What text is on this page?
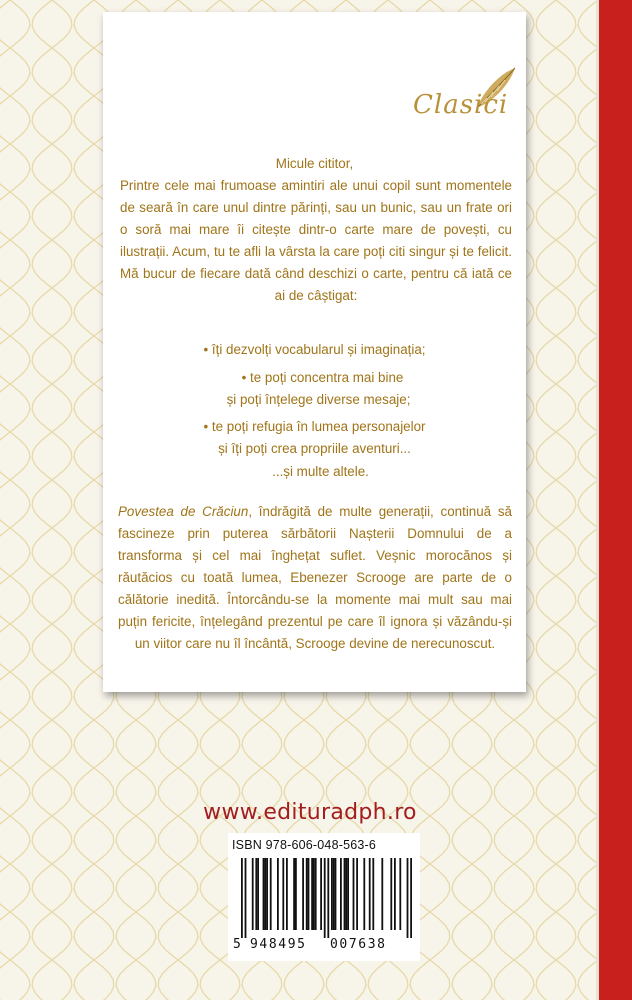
Clasici
Micule cititor,
Printre cele mai frumoase amintiri ale unui copil sunt momentele de seară în care unul dintre părinți, sau un bunic, sau un frate ori o soră mai mare îi citește dintr-o carte mare de povești, cu ilustrații. Acum, tu te afli la vârsta la care poți citi singur și te felicit. Mă bucur de fiecare dată când deschizi o carte, pentru că iată ce ai de câștigat:
• îți dezvolți vocabularul și imaginația;
• te poți concentra mai bine
și poți înțelege diverse mesaje;
• te poți refugia în lumea personajelor
și îți poți crea propriile aventuri...
...și multe altele.
Povestea de Crăciun, îndrăgită de multe generații, continuă să fascineze prin puterea sărbătorii Nașterii Domnului de a transforma și cel mai înghețat suflet. Veșnic morocănos și răutăcios cu toată lumea, Ebenezer Scrooge are parte de o călătorie inedită. Întorcându-se la momente mai mult sau mai puțin fericite, înțelegând prezentul pe care îl ignora și văzându-și un viitor care nu îl încântă, Scrooge devine de nerecunoscut.
www.edituradph.ro
ISBN 978-606-048-563-6
5 948495 007638
